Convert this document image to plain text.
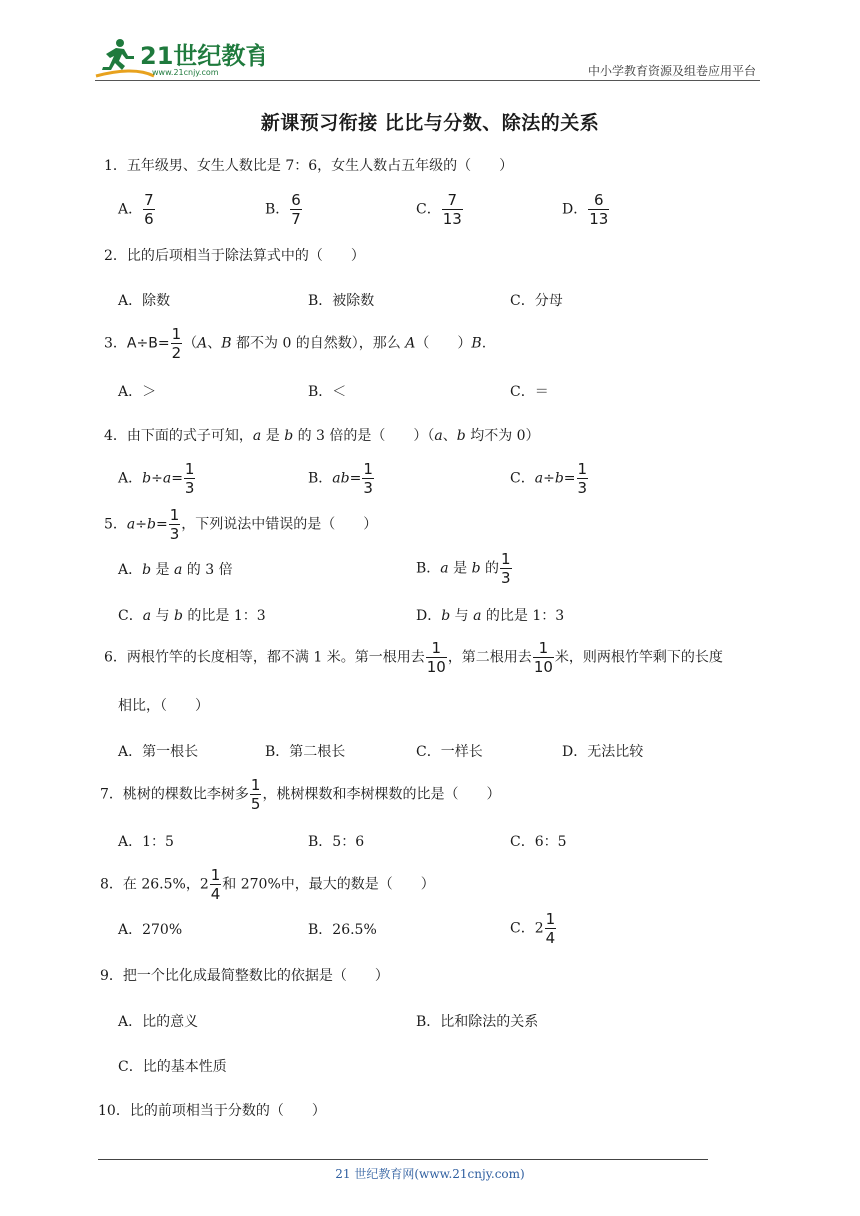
21世纪教育
www.21cnjy.com	中小学教育资源及组卷应用平台
新课预习衔接 比比与分数、除法的关系
1．五年级男、女生人数比是 7：6，女生人数占五年级的（　　）
A． $\frac{7}{6}$	B． $\frac{6}{7}$	C． $\frac{7}{13}$	D． $\frac{6}{13}$
2．比的后项相当于除法算式中的（　　）
A．除数	B．被除数	C．分母
3．$A\div B= \frac{1}{2} (A$、B 都不为 0 的自然数），那么 A（　　）B.
A．＞	B．＜	C．＝
4．由下面的式子可知，a 是 b 的 3 倍的是（　　）（a、b 均不为 0）
A．$b\div a= \frac{1}{3}$	B．$ab= \frac{1}{3}$	C．$a\div b= \frac{1}{3}$
5．$a\div b= \frac{1}{3}$ ，下列说法中错误的是（　　）
A．b 是 a 的 3 倍	B．a 是 b 的 $\frac{1}{3}$
C．a 与 b 的比是 1：3	D．b 与 a 的比是 1：3
6．两根竹竿的长度相等，都不满 1 米。第一根用去 $\frac{1}{10}$ ，第二根用去 $\frac{1}{10}$ 米，则两根竹竿剩下的长度
相比，（　　）
A．第一根长	B．第二根长	C．一样长	D．无法比较
7．桃树的棵数比李树多 $\frac{1}{5}$ ，桃树棵数和李树棵数的比是（　　）
A．1：5	B．5：6	C．6：5
8．在 26.5%，$2 \frac{1}{4}$ 和 270%中，最大的数是（　　）
A．270%	B．26.5%	C．$2 \frac{1}{4}$
9．把一个比化成最简整数比的依据是（　　）
A．比的意义	B．比和除法的关系
C．比的基本性质
10．比的前项相当于分数的（　　）
21 世纪教育网(www.21cnjy.com)
